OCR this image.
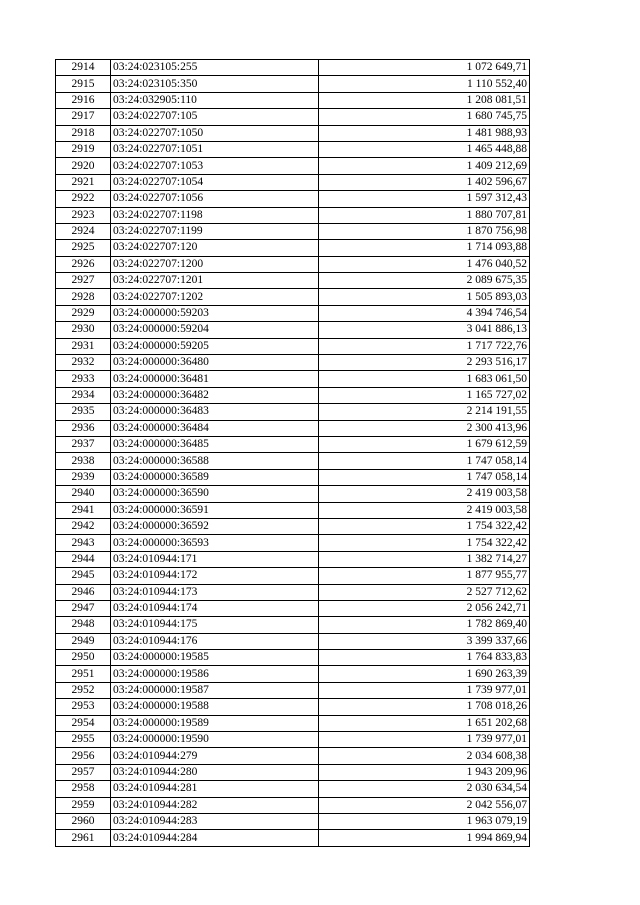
2914	03:24:023105:255	1 072 649,71
2915	03:24:023105:350	1 110 552,40
2916	03:24:032905:110	1 208 081,51
2917	03:24:022707:105	1 680 745,75
2918	03:24:022707:1050	1 481 988,93
2919	03:24:022707:1051	1 465 448,88
2920	03:24:022707:1053	1 409 212,69
2921	03:24:022707:1054	1 402 596,67
2922	03:24:022707:1056	1 597 312,43
2923	03:24:022707:1198	1 880 707,81
2924	03:24:022707:1199	1 870 756,98
2925	03:24:022707:120	1 714 093,88
2926	03:24:022707:1200	1 476 040,52
2927	03:24:022707:1201	2 089 675,35
2928	03:24:022707:1202	1 505 893,03
2929	03:24:000000:59203	4 394 746,54
2930	03:24:000000:59204	3 041 886,13
2931	03:24:000000:59205	1 717 722,76
2932	03:24:000000:36480	2 293 516,17
2933	03:24:000000:36481	1 683 061,50
2934	03:24:000000:36482	1 165 727,02
2935	03:24:000000:36483	2 214 191,55
2936	03:24:000000:36484	2 300 413,96
2937	03:24:000000:36485	1 679 612,59
2938	03:24:000000:36588	1 747 058,14
2939	03:24:000000:36589	1 747 058,14
2940	03:24:000000:36590	2 419 003,58
2941	03:24:000000:36591	2 419 003,58
2942	03:24:000000:36592	1 754 322,42
2943	03:24:000000:36593	1 754 322,42
2944	03:24:010944:171	1 382 714,27
2945	03:24:010944:172	1 877 955,77
2946	03:24:010944:173	2 527 712,62
2947	03:24:010944:174	2 056 242,71
2948	03:24:010944:175	1 782 869,40
2949	03:24:010944:176	3 399 337,66
2950	03:24:000000:19585	1 764 833,83
2951	03:24:000000:19586	1 690 263,39
2952	03:24:000000:19587	1 739 977,01
2953	03:24:000000:19588	1 708 018,26
2954	03:24:000000:19589	1 651 202,68
2955	03:24:000000:19590	1 739 977,01
2956	03:24:010944:279	2 034 608,38
2957	03:24:010944:280	1 943 209,96
2958	03:24:010944:281	2 030 634,54
2959	03:24:010944:282	2 042 556,07
2960	03:24:010944:283	1 963 079,19
2961	03:24:010944:284	1 994 869,94
